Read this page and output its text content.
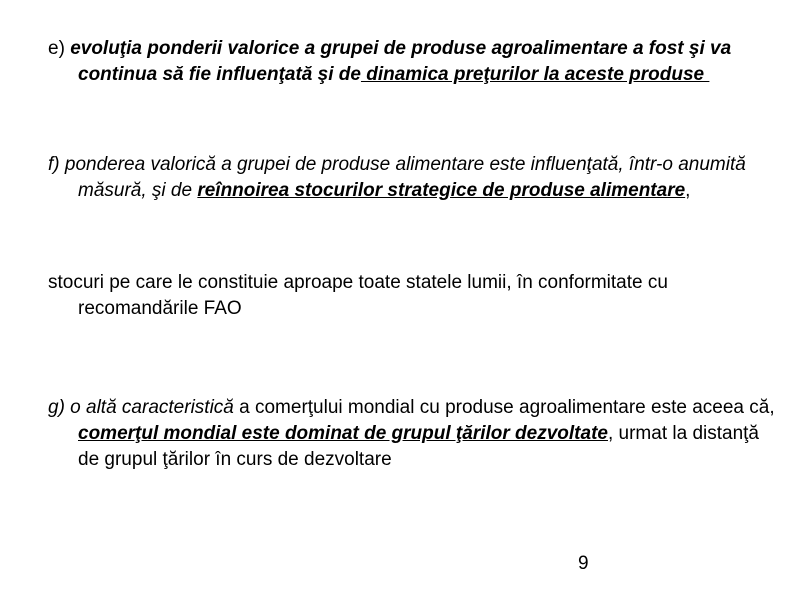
e) evoluţia ponderii valorice a grupei de produse agroalimentare a fost şi va continua să fie influenţată şi de dinamica preţurilor la aceste produse

f) ponderea valorică a grupei de produse alimentare este influenţată, într-o anumită măsură, şi de reînnoirea stocurilor strategice de produse alimentare,

stocuri pe care le constituie aproape toate statele lumii, în conformitate cu recomandările FAO

g) o altă caracteristică a comerţului mondial cu produse agroalimentare este aceea că, comerţul mondial este dominat de grupul ţărilor dezvoltate, urmat la distanţă de grupul ţărilor în curs de dezvoltare

9
